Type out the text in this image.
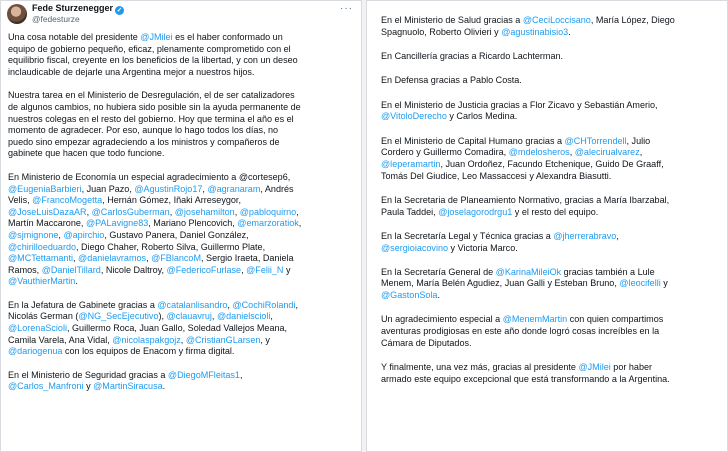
Fede Sturzenegger ✓
@fedesturze
···
Una cosa notable del presidente @JMilei es el haber conformado un
equipo de gobierno pequeño, eficaz, plenamente comprometido con el
equilibrio fiscal, creyente en los beneficios de la libertad, y con un deseo
inclaudicable de dejarle una Argentina mejor a nuestros hijos.
Nuestra tarea en el Ministerio de Desregulación, el de ser catalizadores
de algunos cambios, no hubiera sido posible sin la ayuda permanente de
nuestros colegas en el resto del gobierno. Hoy que termina el año es el
momento de agradecer. Por eso, aunque lo hago todos los días, no
puedo sino empezar agradeciendo a los ministros y compañeros de
gabinete que hacen que todo funcione.
En Ministerio de Economía un especial agradecimiento a @cortesep6,
@EugeniaBarbieri, Juan Pazo, @AgustinRojo17, @agranaram, Andrés
Velis, @FrancoMogetta, Hernán Gómez, Iñaki Arreseygor,
@JoseLuisDazaAR, @CarlosGuberman, @josehamilton, @pabloquirno,
Martín Maccarone, @PALavigne83, Mariano Plencovich, @emarzoratiok,
@sjmignone, @apirchio, Gustavo Panera, Daniel González,
@chirilloeduardo, Diego Chaher, Roberto Silva, Guillermo Plate,
@MCTettamanti, @danielavramos, @FBlancoM, Sergio Iraeta, Daniela
Ramos, @DanielTillard, Nicole Daltroy, @FedericoFurlase, @Felii_N y
@VauthierMartin.
En la Jefatura de Gabinete gracias a @catalanlisandro, @CochiRolandi,
Nicolás German (@NG_SecEjecutivo), @clauavruj, @danielscioli,
@LorenaScioli, Guillermo Roca, Juan Gallo, Soledad Vallejos Meana,
Camila Varela, Ana Vidal, @nicolaspakgojz, @CristianGLarsen, y
@dariogenua con los equipos de Enacom y firma digital.
En el Ministerio de Seguridad gracias a @DiegoMFleitas1,
@Carlos_Manfroni y @MartinSiracusa.
En el Ministerio de Salud gracias a @CeciLoccisano, María López, Diego
Spagnuolo, Roberto Olivieri y @agustinabisio3.
En Cancillería gracias a Ricardo Lachterman.
En Defensa gracias a Pablo Costa.
En el Ministerio de Justicia gracias a Flor Zicavo y Sebastián Amerio,
@VitoloDerecho y Carlos Medina.
En el Ministerio de Capital Humano gracias a @CHTorrendell, Julio
Cordero y Guillermo Comadira, @mdelosheros, @alecirualvarez,
@leperamartin, Juan Ordoñez, Facundo Etchenique, Guido De Graaff,
Tomás Del Giudice, Leo Massaccesi y Alexandra Biasutti.
En la Secretaria de Planeamiento Normativo, gracias a María Ibarzabal,
Paula Taddei, @joselagorodrgu1 y el resto del equipo.
En la Secretaría Legal y Técnica gracias a @jherrerabravo,
@sergioiacovino y Victoria Marco.
En la Secretaría General de @KarinaMileiOk gracias también a Lule
Menem, María Belén Agudiez, Juan Galli y Esteban Bruno, @leocifelli y
@GastonSola.
Un agradecimiento especial a @MenemMartin con quien compartimos
aventuras prodigiosas en este año donde logró cosas increíbles en la
Cámara de Diputados.
Y finalmente, una vez más, gracias al presidente @JMilei por haber
armado este equipo excepcional que está transformando a la Argentina.
